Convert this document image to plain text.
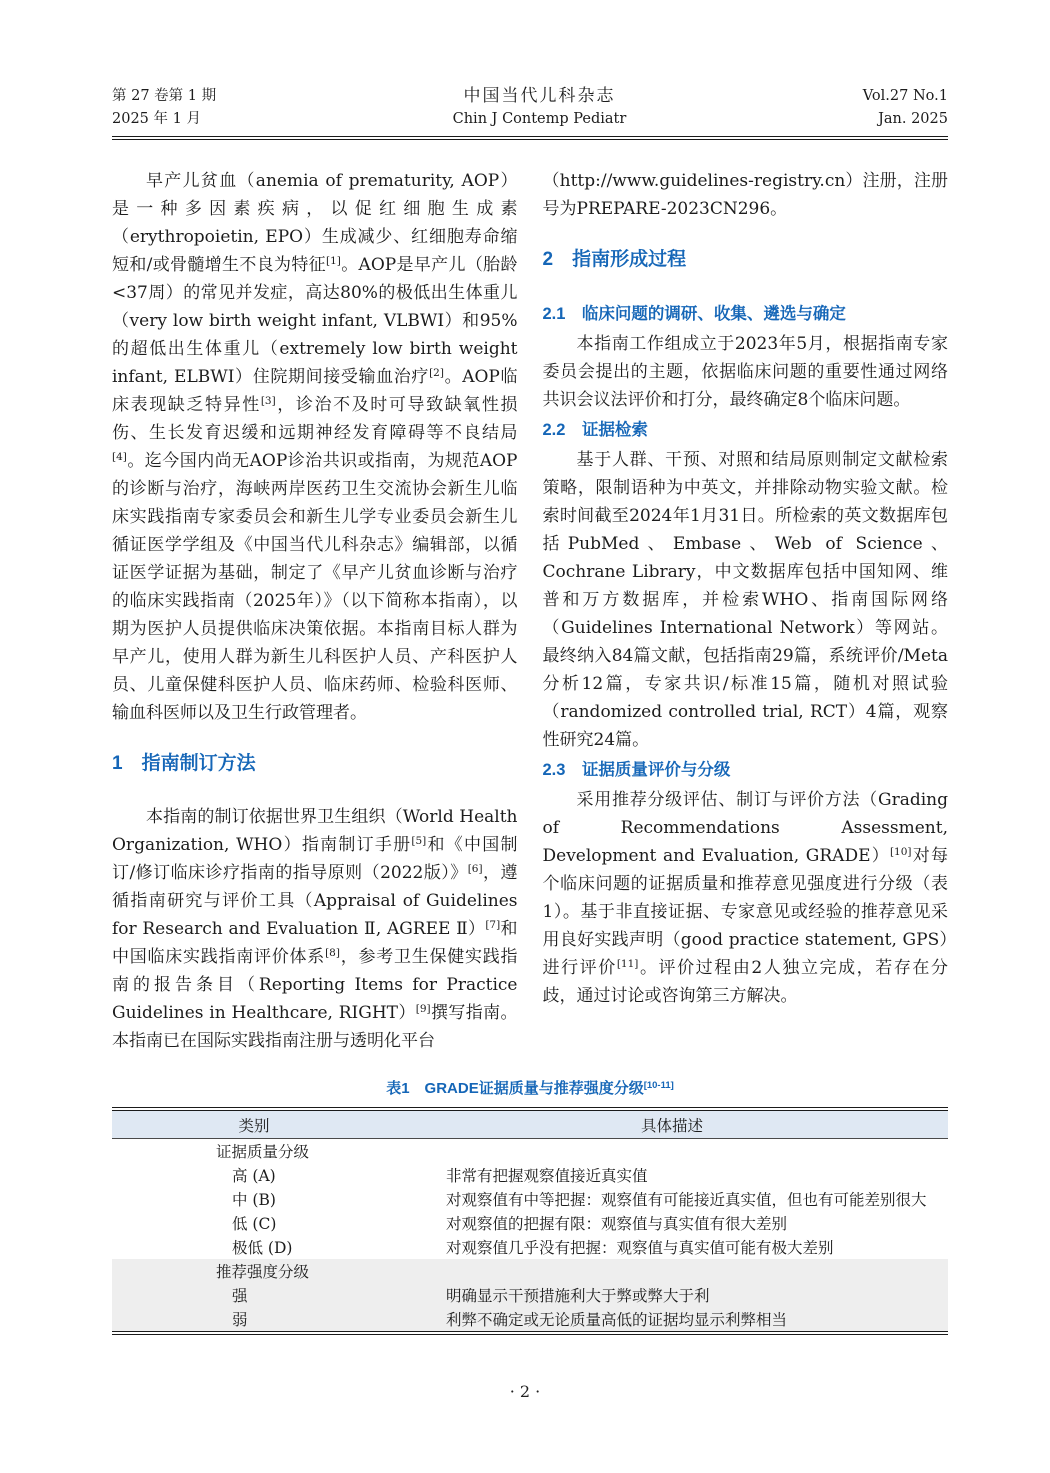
第 27 卷第 1 期
2025 年 1 月
中国当代儿科杂志
Chin J Contemp Pediatr
Vol.27 No.1
Jan. 2025

早产儿贫血（anemia of prematurity, AOP）是一种多因素疾病，以促红细胞生成素（erythropoietin, EPO）生成减少、红细胞寿命缩短和/或骨髓增生不良为特征[1]。AOP是早产儿（胎龄<37周）的常见并发症，高达80%的极低出生体重儿（very low birth weight infant, VLBWI）和95%的超低出生体重儿（extremely low birth weight infant, ELBWI）住院期间接受输血治疗[2]。AOP临床表现缺乏特异性[3]，诊治不及时可导致缺氧性损伤、生长发育迟缓和远期神经发育障碍等不良结局[4]。迄今国内尚无AOP诊治共识或指南，为规范AOP的诊断与治疗，海峡两岸医药卫生交流协会新生儿临床实践指南专家委员会和新生儿学专业委员会新生儿循证医学学组及《中国当代儿科杂志》编辑部，以循证医学证据为基础，制定了《早产儿贫血诊断与治疗的临床实践指南（2025年）》（以下简称本指南），以期为医护人员提供临床决策依据。本指南目标人群为早产儿，使用人群为新生儿科医护人员、产科医护人员、儿童保健科医护人员、临床药师、检验科医师、输血科医师以及卫生行政管理者。

1　指南制订方法

本指南的制订依据世界卫生组织（World Health Organization, WHO）指南制订手册[5]和《中国制订/修订临床诊疗指南的指导原则（2022版）》[6]，遵循指南研究与评价工具（Appraisal of Guidelines for Research and Evaluation Ⅱ, AGREE Ⅱ）[7]和中国临床实践指南评价体系[8]，参考卫生保健实践指南的报告条目（Reporting Items for Practice Guidelines in Healthcare, RIGHT）[9]撰写指南。本指南已在国际实践指南注册与透明化平台

（http://www.guidelines-registry.cn）注册，注册号为PREPARE-2023CN296。

2　指南形成过程
2.1　临床问题的调研、收集、遴选与确定

本指南工作组成立于2023年5月，根据指南专家委员会提出的主题，依据临床问题的重要性通过网络共识会议法评价和打分，最终确定8个临床问题。

2.2　证据检索

基于人群、干预、对照和结局原则制定文献检索策略，限制语种为中英文，并排除动物实验文献。检索时间截至2024年1月31日。所检索的英文数据库包括PubMed、Embase、Web of Science、Cochrane Library，中文数据库包括中国知网、维普和万方数据库，并检索WHO、指南国际网络（Guidelines International Network）等网站。最终纳入84篇文献，包括指南29篇，系统评价/Meta分析12篇，专家共识/标准15篇，随机对照试验（randomized controlled trial, RCT）4篇，观察性研究24篇。

2.3　证据质量评价与分级

采用推荐分级评估、制订与评价方法（Grading of Recommendations Assessment, Development and Evaluation, GRADE）[10]对每个临床问题的证据质量和推荐意见强度进行分级（表1）。基于非直接证据、专家意见或经验的推荐意见采用良好实践声明（good practice statement, GPS）进行评价[11]。评价过程由2人独立完成，若存在分歧，通过讨论或咨询第三方解决。

表1　GRADE证据质量与推荐强度分级[10-11]
类别	具体描述
证据质量分级
高 (A)	非常有把握观察值接近真实值
中 (B)	对观察值有中等把握：观察值有可能接近真实值，但也有可能差别很大
低 (C)	对观察值的把握有限：观察值与真实值有很大差别
极低 (D)	对观察值几乎没有把握：观察值与真实值可能有极大差别
推荐强度分级
强	明确显示干预措施利大于弊或弊大于利
弱	利弊不确定或无论质量高低的证据均显示利弊相当
· 2 ·
